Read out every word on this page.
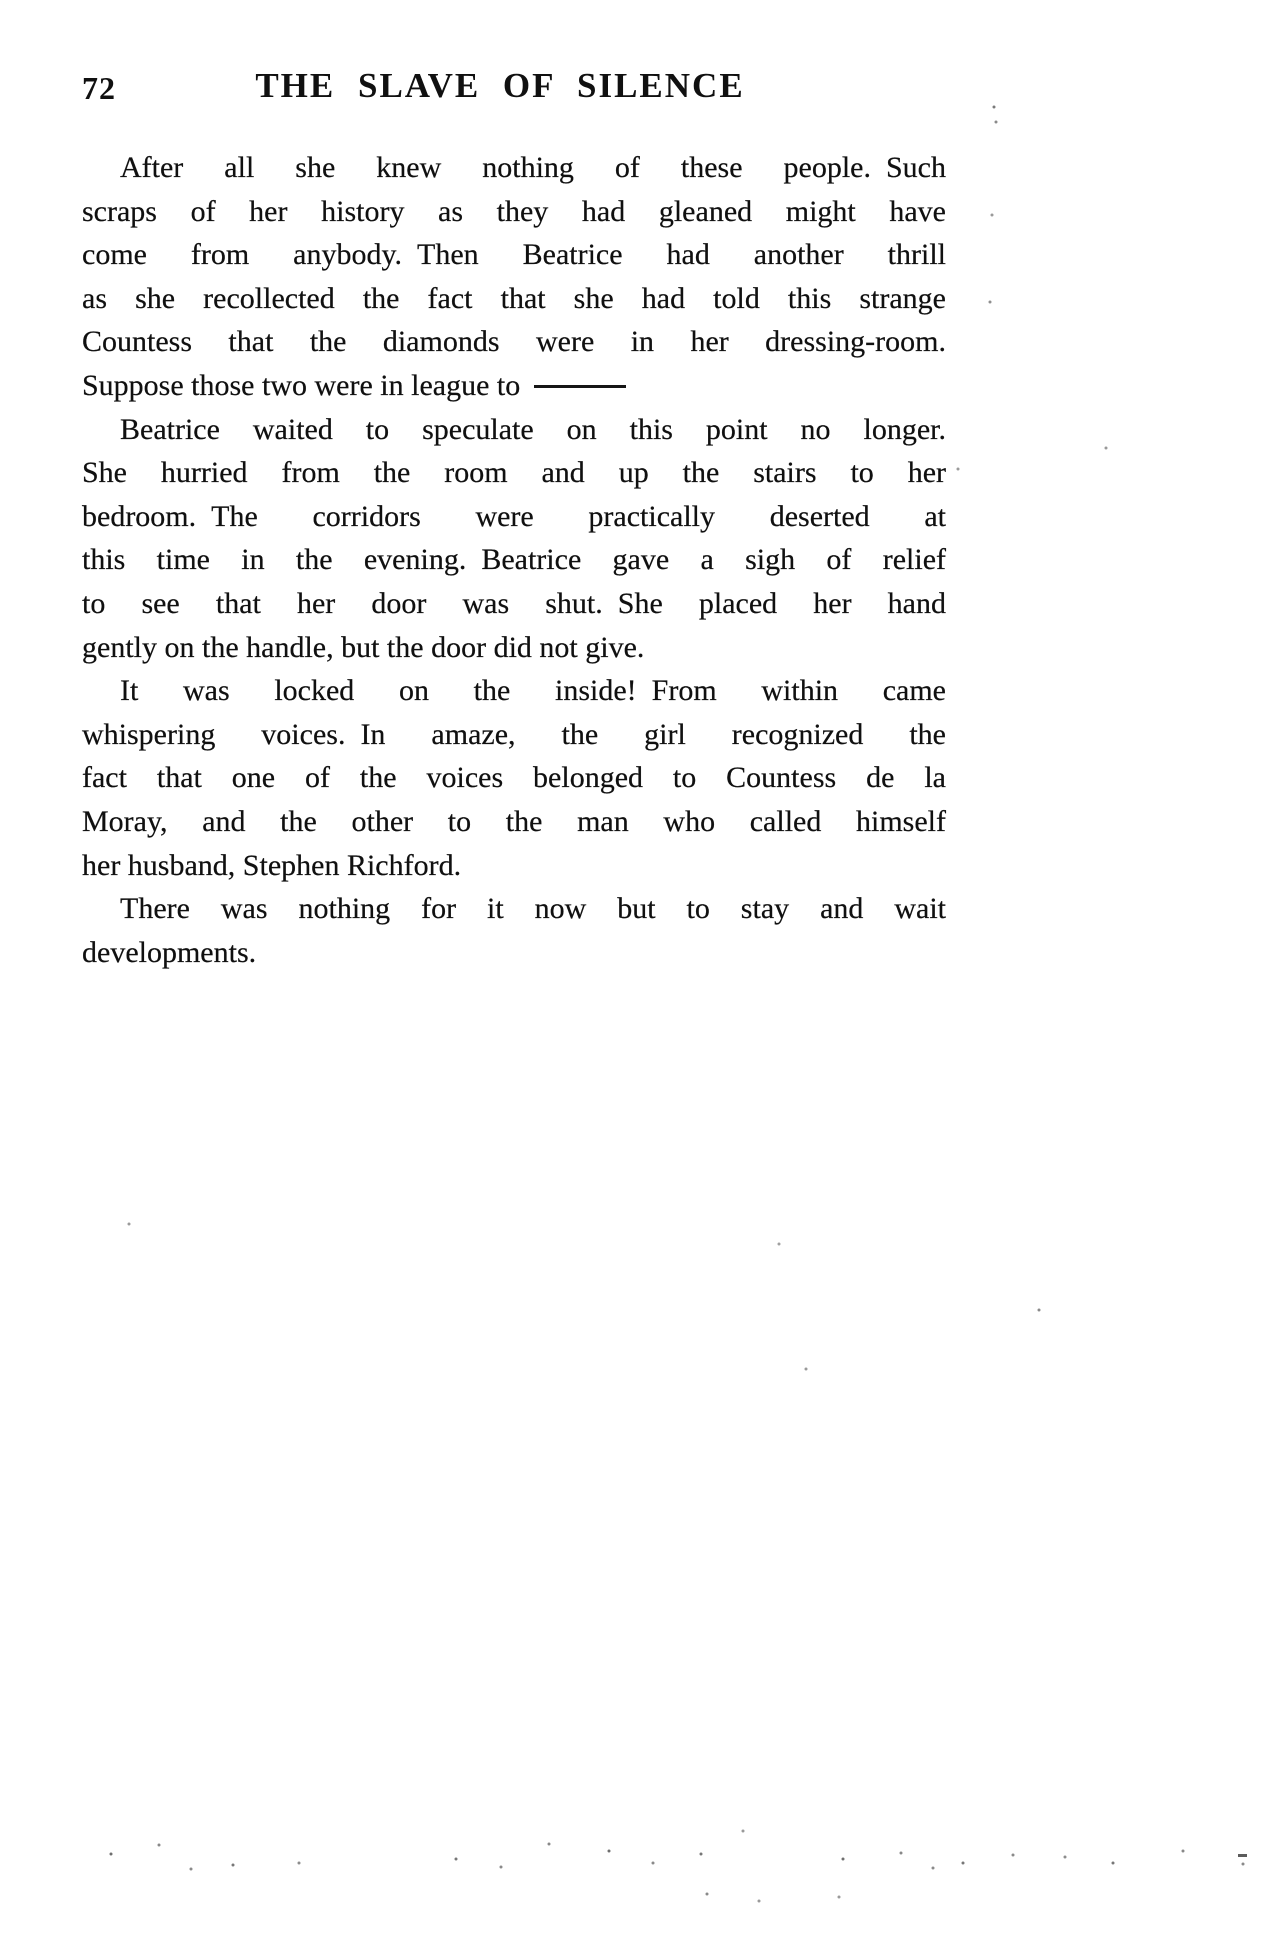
72	THE SLAVE OF SILENCE
After all she knew nothing of these people. Such
scraps of her history as they had gleaned might have
come from anybody. Then Beatrice had another thrill
as she recollected the fact that she had told this strange
Countess that the diamonds were in her dressing-room.
Suppose those two were in league to
Beatrice waited to speculate on this point no longer.
She hurried from the room and up the stairs to her
bedroom. The corridors were practically deserted at
this time in the evening. Beatrice gave a sigh of relief
to see that her door was shut. She placed her hand
gently on the handle, but the door did not give.
It was locked on the inside! From within came
whispering voices. In amaze, the girl recognized the
fact that one of the voices belonged to Countess de la
Moray, and the other to the man who called himself
her husband, Stephen Richford.
There was nothing for it now but to stay and wait
developments.
